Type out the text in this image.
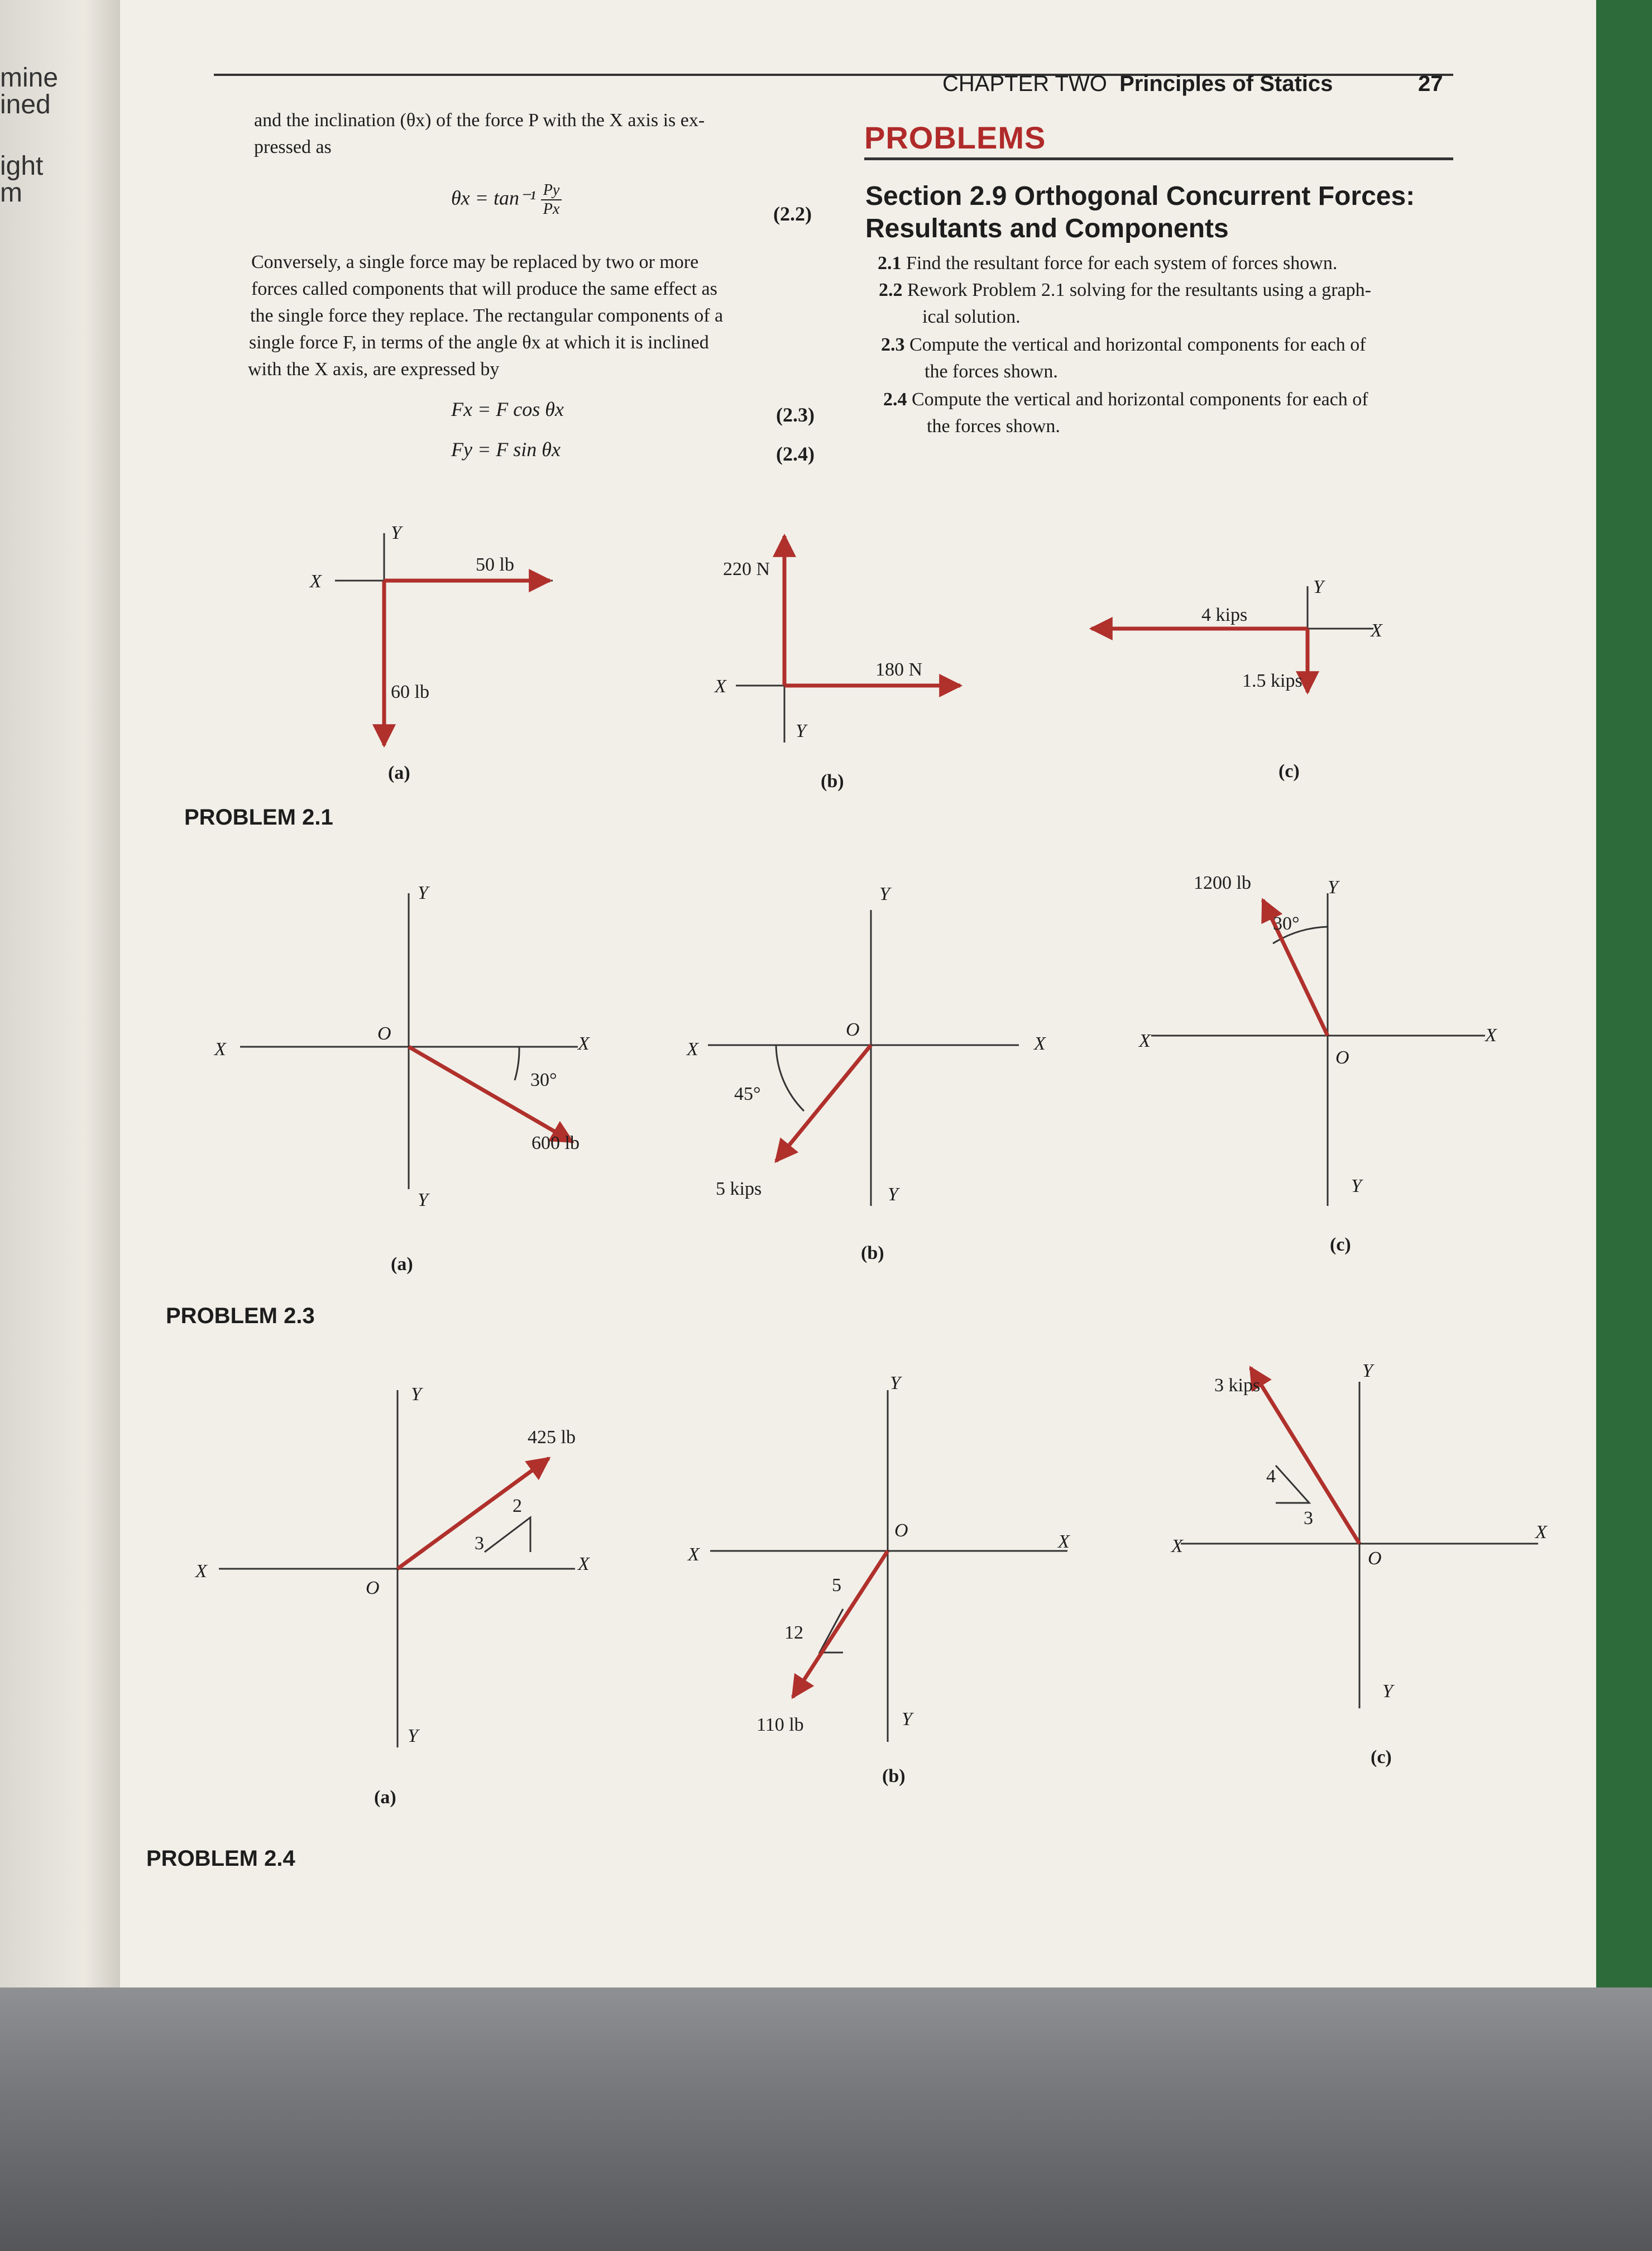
mine
ined
ight
m
CHAPTER TWO Principles of Statics	27
and the inclination (θx) of the force P with the X axis is ex-
pressed as
$\theta x = \tan^{-1} \frac{Py}{Px}$	(2.2)
Conversely, a single force may be replaced by two or more
forces called components that will produce the same effect as
the single force they replace. The rectangular components of a
single force F, in terms of the angle θx at which it is inclined
with the X axis, are expressed by
Fx = F cos θx	(2.3)
Fy = F sin θx	(2.4)
PROBLEMS
Section 2.9 Orthogonal Concurrent Forces:
Resultants and Components
2.1 Find the resultant force for each system of forces shown.
2.2 Rework Problem 2.1 solving for the resultants using a graph-
ical solution.
2.3 Compute the vertical and horizontal components for each of
the forces shown.
2.4 Compute the vertical and horizontal components for each of
the forces shown.
PROBLEM 2.1
PROBLEM 2.3
PROBLEM 2.4
X
Y
50 lb
60 lb
(a)
220 N
X
180 N
Y
(b)
4 kips
Y
X
1.5 kips
(c)
X
Y
O	X
30°
600 lb
Y
(a)
X
Y
O
X
45°
5 kips	Y
(b)
1200 lb	Y
30°
X
O
X
Y
(c)
X
Y
425 lb
2
3
X
O
Y
(a)
X
Y
O
X
5
12
110 lb	Y
(b)
3 kips
Y
4
3
X
O
X
Y
(c)
